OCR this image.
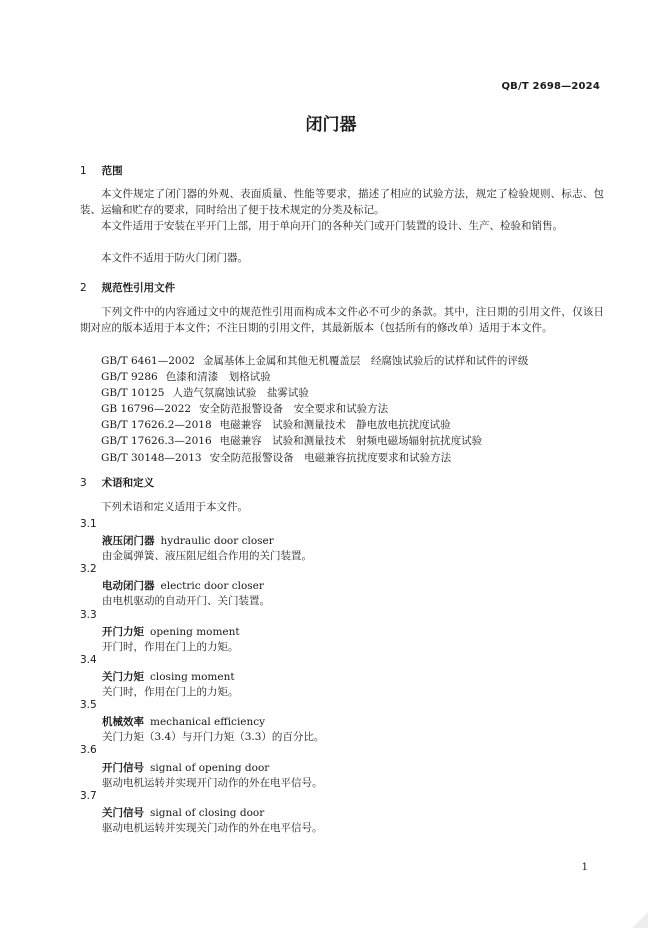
QB/T 2698—2024
闭门器
1 范围
本文件规定了闭门器的外观、表面质量、性能等要求，描述了相应的试验方法，规定了检验规则、标志、包装、运输和贮存的要求，同时给出了便于技术规定的分类及标记。
本文件适用于安装在平开门上部，用于单向开门的各种关门或开门装置的设计、生产、检验和销售。
本文件不适用于防火门闭门器。
2 规范性引用文件
下列文件中的内容通过文中的规范性引用而构成本文件必不可少的条款。其中，注日期的引用文件，仅该日期对应的版本适用于本文件；不注日期的引用文件，其最新版本（包括所有的修改单）适用于本文件。
GB/T 6461—2002 金属基体上金属和其他无机覆盖层　经腐蚀试验后的试样和试件的评级
GB/T 9286 色漆和清漆　划格试验
GB/T 10125 人造气氛腐蚀试验　盐雾试验
GB 16796—2022 安全防范报警设备　安全要求和试验方法
GB/T 17626.2—2018 电磁兼容　试验和测量技术　静电放电抗扰度试验
GB/T 17626.3—2016 电磁兼容　试验和测量技术　射频电磁场辐射抗扰度试验
GB/T 30148—2013 安全防范报警设备　电磁兼容抗扰度要求和试验方法
3 术语和定义
下列术语和定义适用于本文件。
3.1
液压闭门器 hydraulic door closer
由金属弹簧、液压阻尼组合作用的关门装置。
3.2
电动闭门器 electric door closer
由电机驱动的自动开门、关门装置。
3.3
开门力矩 opening moment
开门时，作用在门上的力矩。
3.4
关门力矩 closing moment
关门时，作用在门上的力矩。
3.5
机械效率 mechanical efficiency
关门力矩（3.4）与开门力矩（3.3）的百分比。
3.6
开门信号 signal of opening door
驱动电机运转并实现开门动作的外在电平信号。
3.7
关门信号 signal of closing door
驱动电机运转并实现关门动作的外在电平信号。
1
